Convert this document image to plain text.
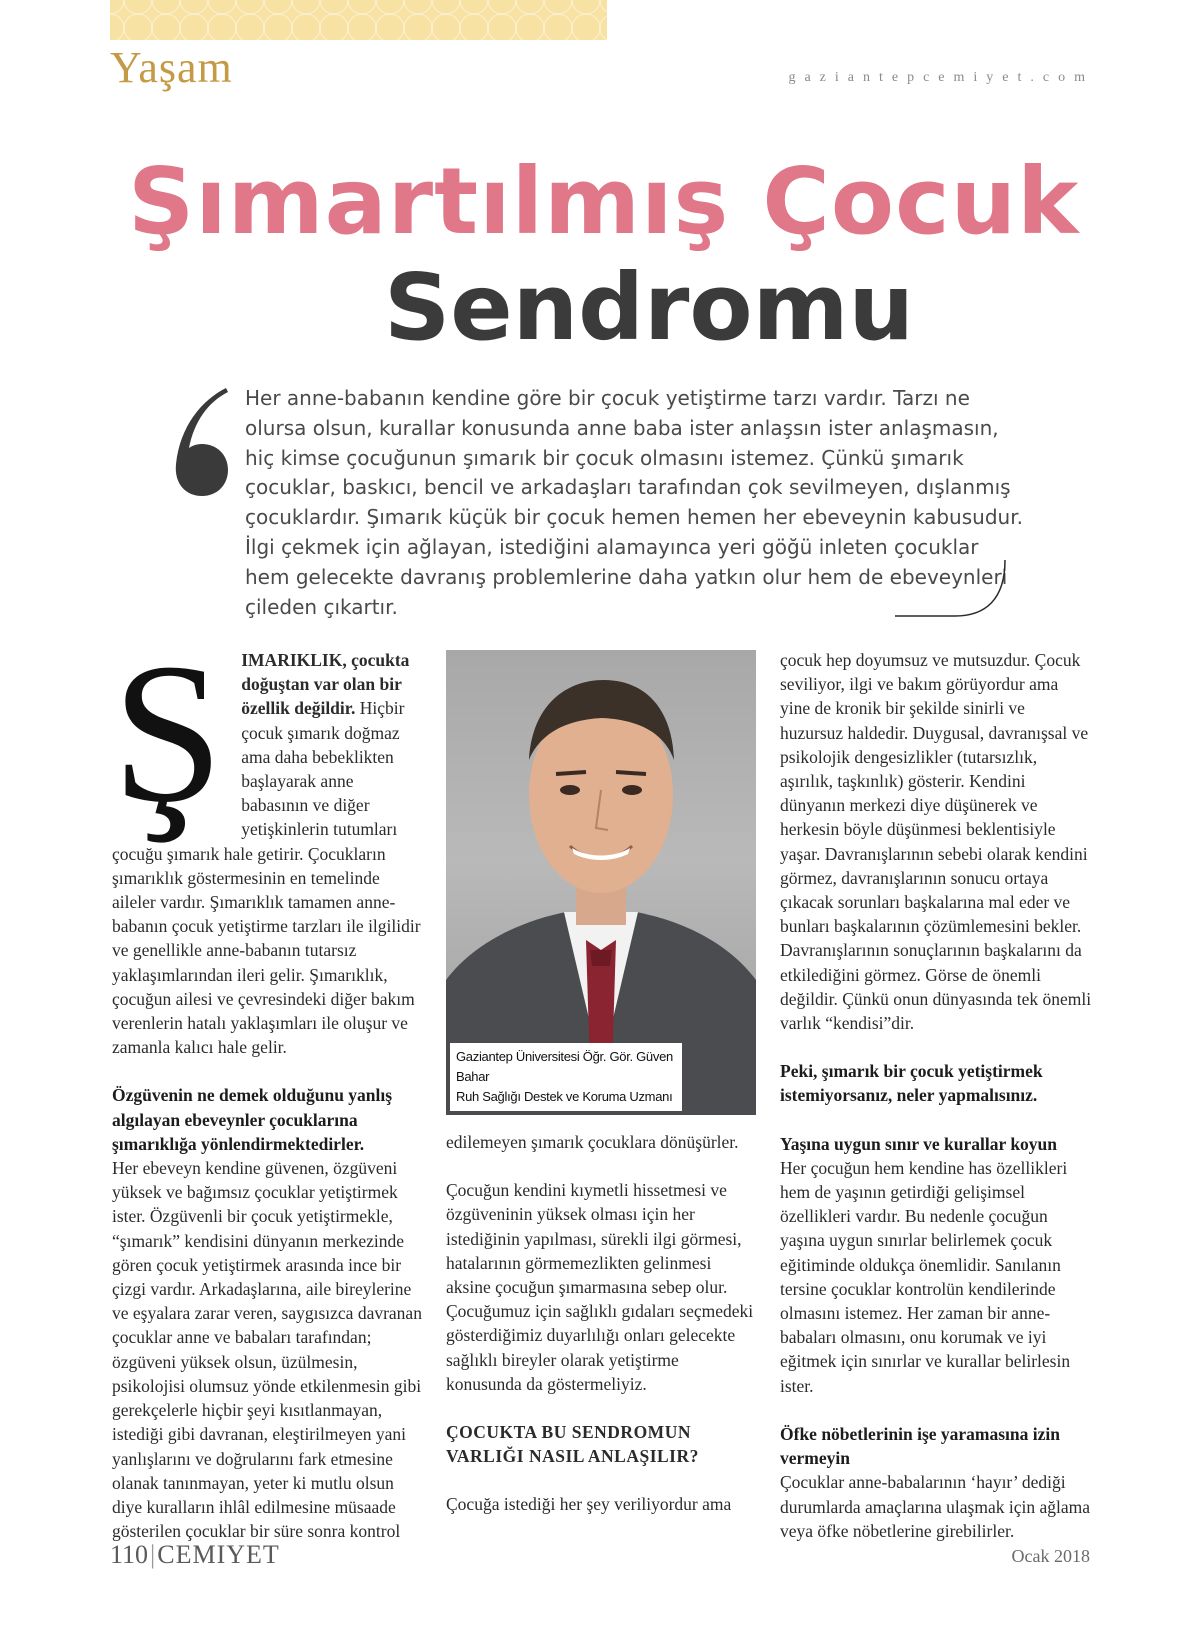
Yaşam	gaziantepcemiyet.com
Şımartılmış Çocuk
Sendromu

Her anne-babanın kendine göre bir çocuk yetiştirme tarzı vardır. Tarzı ne olursa olsun, kurallar konusunda anne baba ister anlaşsın ister anlaşmasın, hiç kimse çocuğunun şımarık bir çocuk olmasını istemez. Çünkü şımarık çocuklar, baskıcı, bencil ve arkadaşları tarafından çok sevilmeyen, dışlanmış çocuklardır. Şımarık küçük bir çocuk hemen hemen her ebeveynin kabusudur. İlgi çekmek için ağlayan, istediğini alamayınca yeri göğü inleten çocuklar hem gelecekte davranış problemlerine daha yatkın olur hem de ebeveynleri çileden çıkartır.

Ş IMARIKLIK, çocukta doğuştan var olan bir özellik değildir. Hiçbir çocuk şımarık doğmaz ama daha bebeklikten başlayarak anne babasının ve diğer yetişkinlerin tutumları çocuğu şımarık hale getirir. Çocukların şımarıklık göstermesinin en temelinde aileler vardır. Şımarıklık tamamen anne-babanın çocuk yetiştirme tarzları ile ilgilidir ve genellikle anne-babanın tutarsız yaklaşımlarından ileri gelir. Şımarıklık, çocuğun ailesi ve çevresindeki diğer bakım verenlerin hatalı yaklaşımları ile oluşur ve zamanla kalıcı hale gelir.

Özgüvenin ne demek olduğunu yanlış algılayan ebeveynler çocuklarına şımarıklığa yönlendirmektedirler.
Her ebeveyn kendine güvenen, özgüveni yüksek ve bağımsız çocuklar yetiştirmek ister. Özgüvenli bir çocuk yetiştirmekle, “şımarık” kendisini dünyanın merkezinde gören çocuk yetiştirmek arasında ince bir çizgi vardır. Arkadaşlarına, aile bireylerine ve eşyalara zarar veren, saygısızca davranan çocuklar anne ve babaları tarafından; özgüveni yüksek olsun, üzülmesin, psikolojisi olumsuz yönde etkilenmesin gibi gerekçelerle hiçbir şeyi kısıtlanmayan, istediği gibi davranan, eleştirilmeyen yani yanlışlarını ve doğrularını fark etmesine olanak tanınmayan, yeter ki mutlu olsun diye kuralların ihlâl edilmesine müsaade gösterilen çocuklar bir süre sonra kontrol

Gaziantep Üniversitesi Öğr. Gör. Güven Bahar
Ruh Sağlığı Destek ve Koruma Uzmanı

edilemeyen şımarık çocuklara dönüşürler.

Çocuğun kendini kıymetli hissetmesi ve özgüveninin yüksek olması için her istediğinin yapılması, sürekli ilgi görmesi, hatalarının görmemezlikten gelinmesi aksine çocuğun şımarmasına sebep olur. Çocuğumuz için sağlıklı gıdaları seçmedeki gösterdiğimiz duyarlılığı onları gelecekte sağlıklı bireyler olarak yetiştirme konusunda da göstermeliyiz.

ÇOCUKTA BU SENDROMUN VARLIĞI NASIL ANLAŞILIR?

Çocuğa istediği her şey veriliyordur ama

çocuk hep doyumsuz ve mutsuzdur. Çocuk seviliyor, ilgi ve bakım görüyordur ama yine de kronik bir şekilde sinirli ve huzursuz haldedir. Duygusal, davranışsal ve psikolojik dengesizlikler (tutarsızlık, aşırılık, taşkınlık) gösterir. Kendini dünyanın merkezi diye düşünerek ve herkesin böyle düşünmesi beklentisiyle yaşar. Davranışlarının sebebi olarak kendini görmez, davranışlarının sonucu ortaya çıkacak sorunları başkalarına mal eder ve bunları başkalarının çözümlemesini bekler. Davranışlarının sonuçlarının başkalarını da etkilediğini görmez. Görse de önemli değildir. Çünkü onun dünyasında tek önemli varlık “kendisi”dir.

Peki, şımarık bir çocuk yetiştirmek istemiyorsanız, neler yapmalısınız.

Yaşına uygun sınır ve kurallar koyun
Her çocuğun hem kendine has özellikleri hem de yaşının getirdiği gelişimsel özellikleri vardır. Bu nedenle çocuğun yaşına uygun sınırlar belirlemek çocuk eğitiminde oldukça önemlidir. Sanılanın tersine çocuklar kontrolün kendilerinde olmasını istemez. Her zaman bir anne-babaları olmasını, onu korumak ve iyi eğitmek için sınırlar ve kurallar belirlesin ister.

Öfke nöbetlerinin işe yaramasına izin vermeyin
Çocuklar anne-babalarının ‘hayır’ dediği durumlarda amaçlarına ulaşmak için ağlama veya öfke nöbetlerine girebilirler.

110|CEMIYET	Ocak 2018
